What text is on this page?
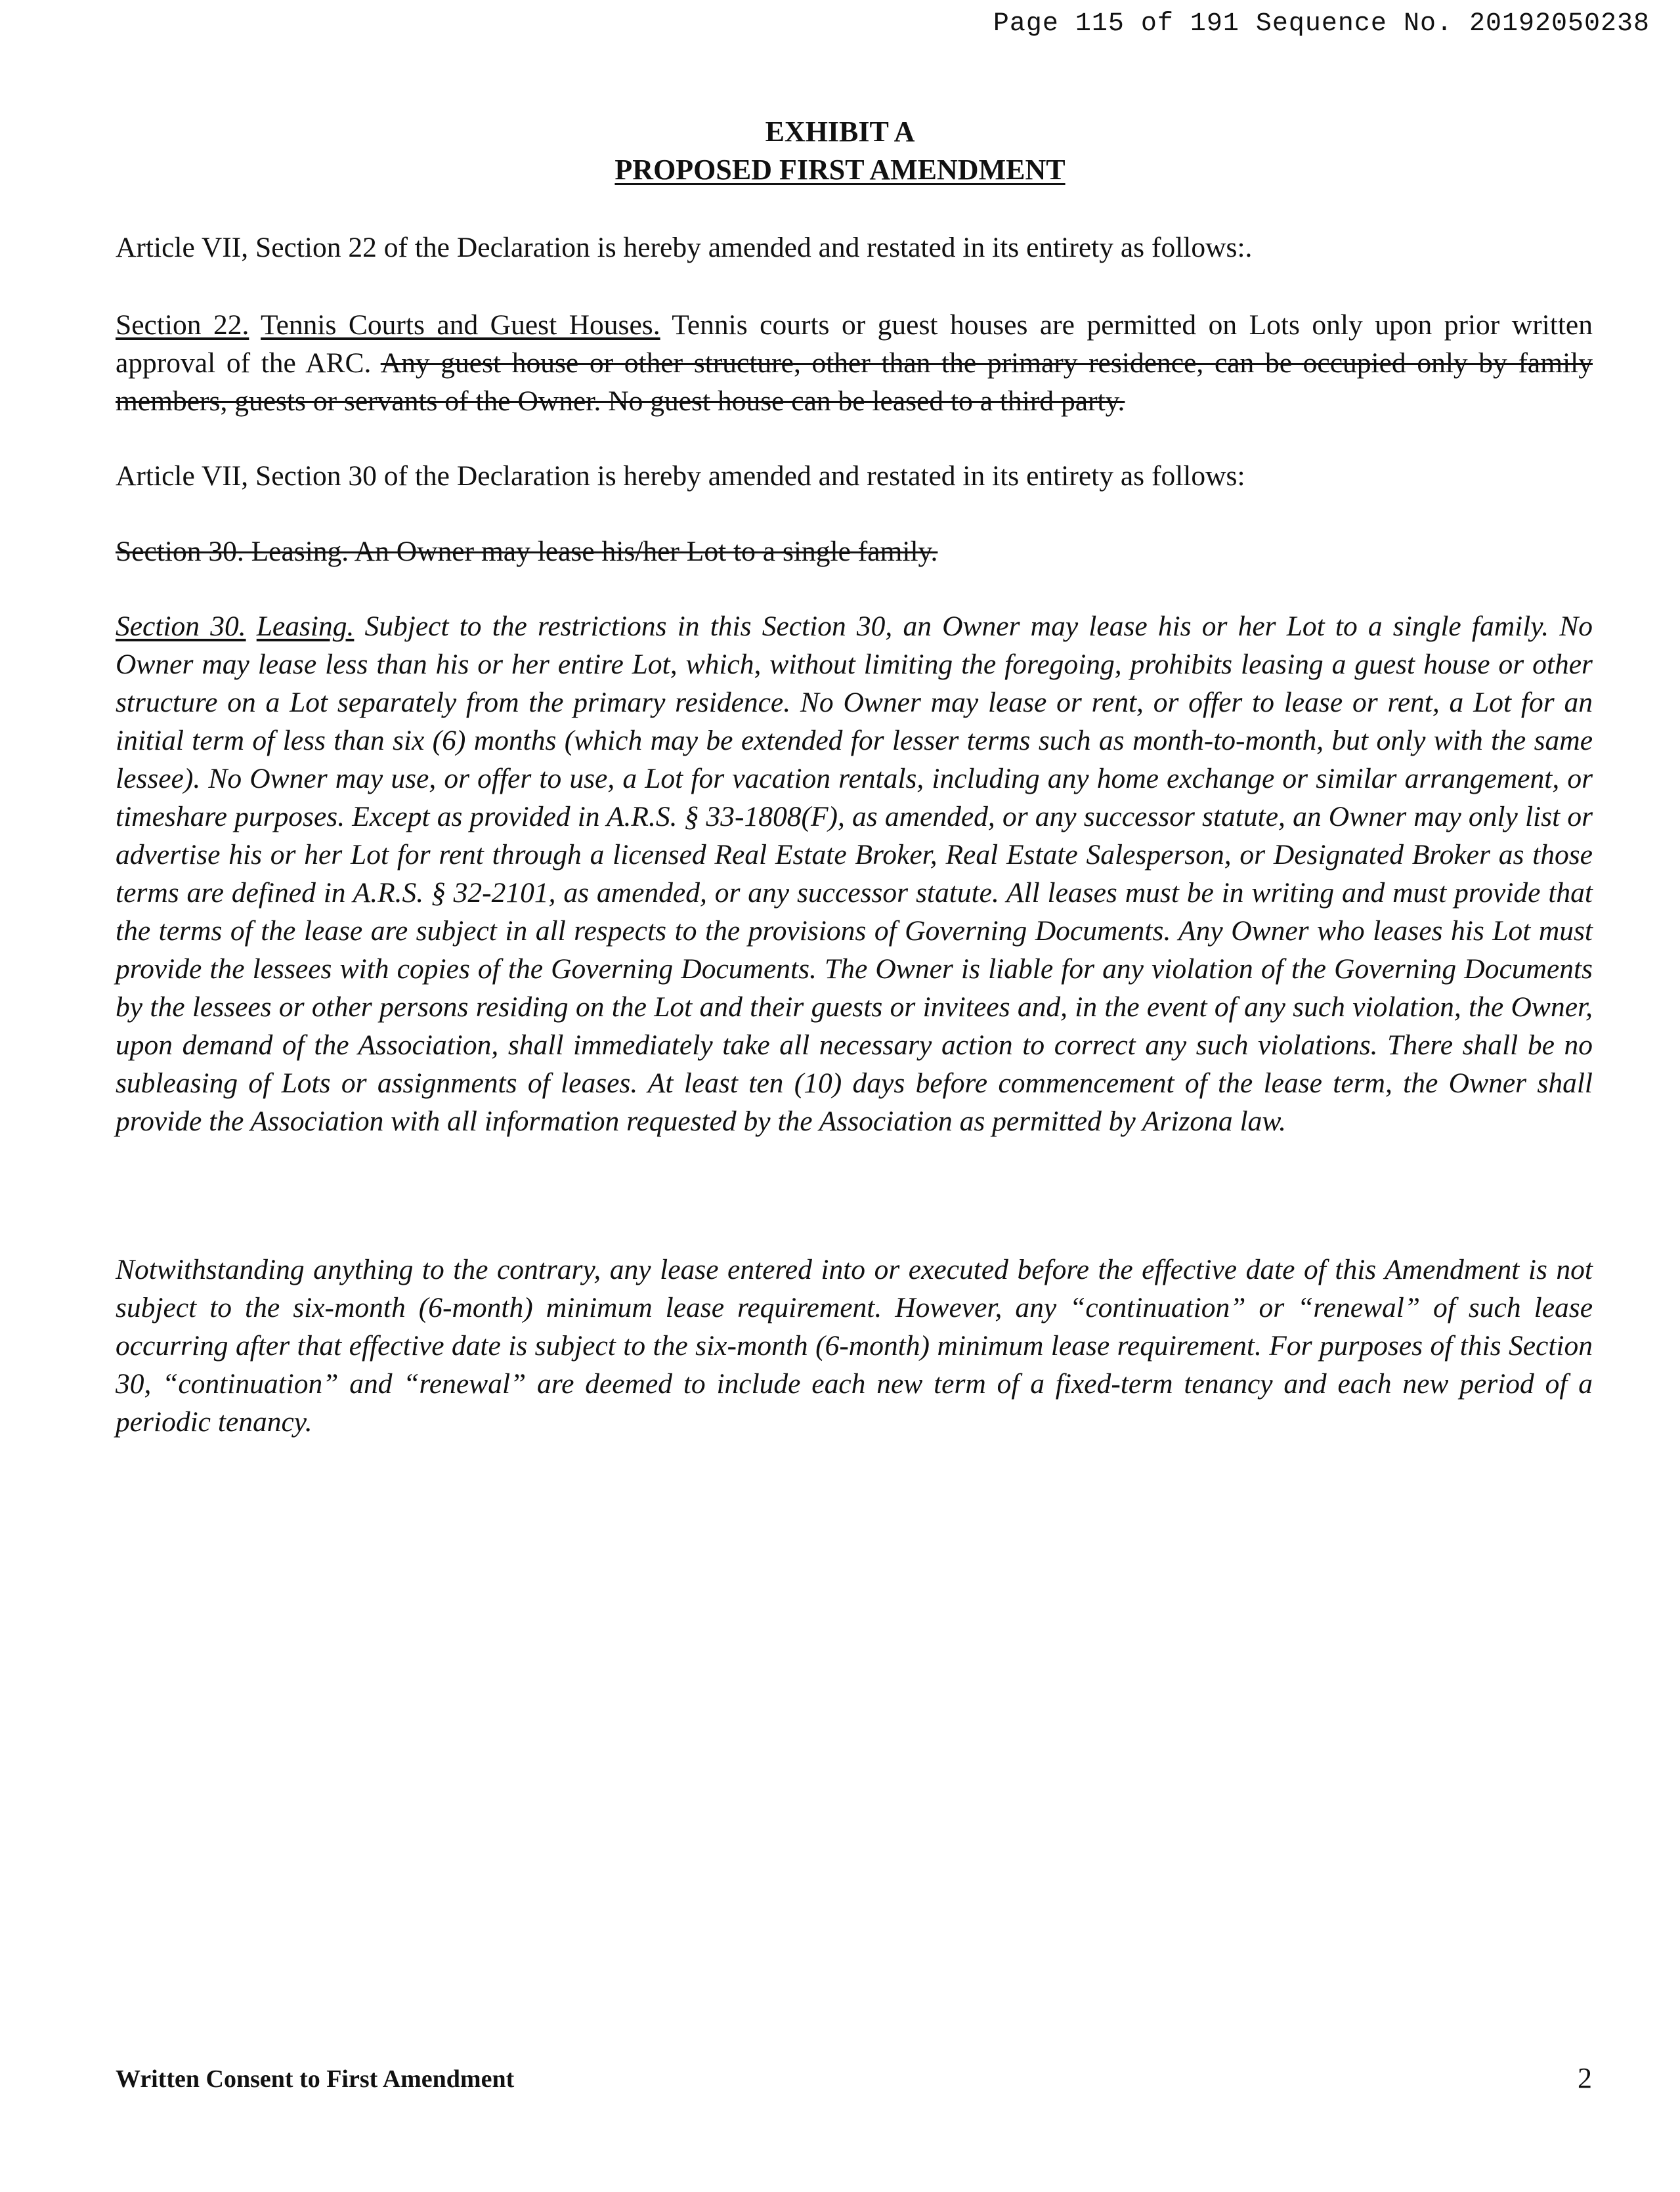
Page 115 of 191 Sequence No. 20192050238
EXHIBIT A
PROPOSED FIRST AMENDMENT

Article VII, Section 22 of the Declaration is hereby amended and restated in its entirety as follows:.

Section 22. Tennis Courts and Guest Houses. Tennis courts or guest houses are permitted on Lots only upon prior written approval of the ARC. Any guest house or other structure, other than the primary residence, can be occupied only by family members, guests or servants of the Owner. No guest house can be leased to a third party.

Article VII, Section 30 of the Declaration is hereby amended and restated in its entirety as follows:

Section 30. Leasing. An Owner may lease his/her Lot to a single family.

Section 30. Leasing. Subject to the restrictions in this Section 30, an Owner may lease his or her Lot to a single family. No Owner may lease less than his or her entire Lot, which, without limiting the foregoing, prohibits leasing a guest house or other structure on a Lot separately from the primary residence. No Owner may lease or rent, or offer to lease or rent, a Lot for an initial term of less than six (6) months (which may be extended for lesser terms such as month-to-month, but only with the same lessee). No Owner may use, or offer to use, a Lot for vacation rentals, including any home exchange or similar arrangement, or timeshare purposes. Except as provided in A.R.S. § 33-1808(F), as amended, or any successor statute, an Owner may only list or advertise his or her Lot for rent through a licensed Real Estate Broker, Real Estate Salesperson, or Designated Broker as those terms are defined in A.R.S. § 32-2101, as amended, or any successor statute. All leases must be in writing and must provide that the terms of the lease are subject in all respects to the provisions of Governing Documents. Any Owner who leases his Lot must provide the lessees with copies of the Governing Documents. The Owner is liable for any violation of the Governing Documents by the lessees or other persons residing on the Lot and their guests or invitees and, in the event of any such violation, the Owner, upon demand of the Association, shall immediately take all necessary action to correct any such violations. There shall be no subleasing of Lots or assignments of leases. At least ten (10) days before commencement of the lease term, the Owner shall provide the Association with all information requested by the Association as permitted by Arizona law.

Notwithstanding anything to the contrary, any lease entered into or executed before the effective date of this Amendment is not subject to the six-month (6-month) minimum lease requirement. However, any “continuation” or “renewal” of such lease occurring after that effective date is subject to the six-month (6-month) minimum lease requirement. For purposes of this Section 30, “continuation” and “renewal” are deemed to include each new term of a fixed-term tenancy and each new period of a periodic tenancy.

Written Consent to First Amendment	2
